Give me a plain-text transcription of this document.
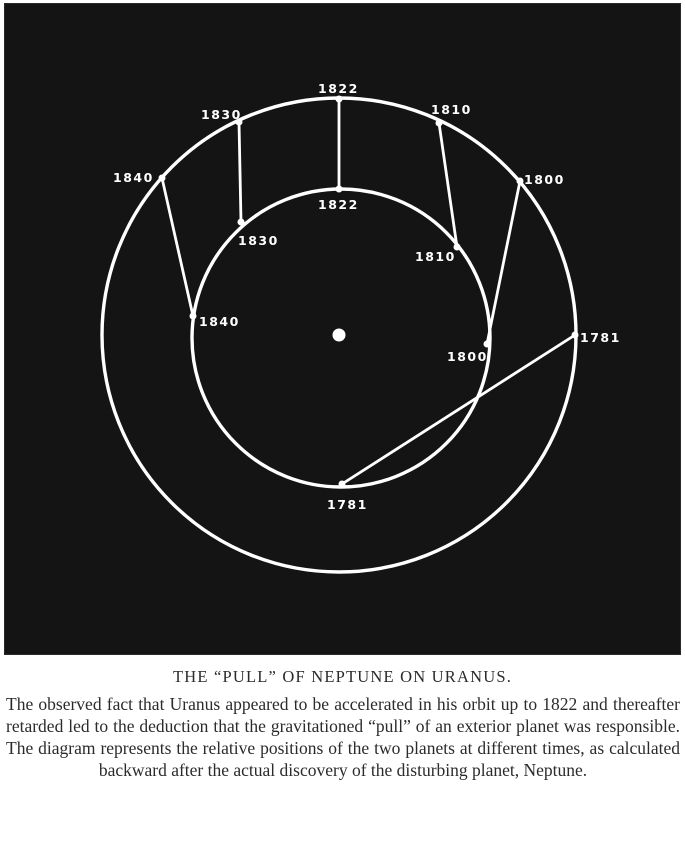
1781
1800
1810
1822
1830
1840
1781
1800
1810
1822
1830
1840
THE “PULL” OF NEPTUNE ON URANUS.

The observed fact that Uranus appeared to be accelerated in his orbit up to 1822 and thereafter retarded led to the deduction that the gravitationed “pull” of an exterior planet was responsible. The diagram represents the relative positions of the two planets at different times, as calculated backward after the actual discovery of the disturbing planet, Neptune.
